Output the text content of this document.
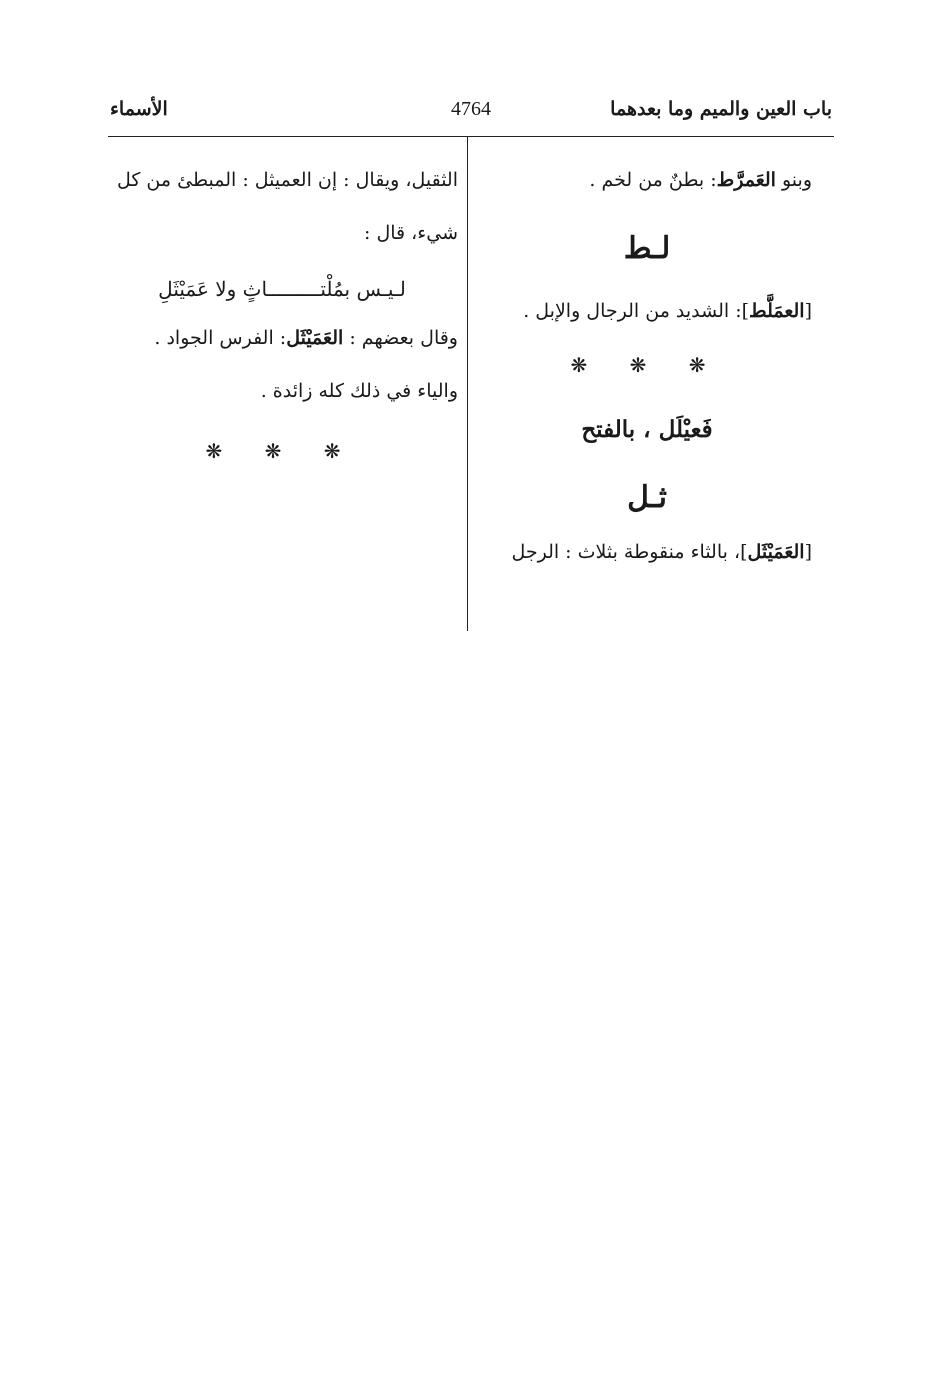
باب العين والميم وما بعدهما
4764
الأسماء
وبنو العَمرَّط: بطنٌ من لخم .
لـط
[العمَلَّط]: الشديد من الرجال والإبل .
❋ ❋ ❋
فَعيْلَل ، بالفتح
ثـل
[العَمَيْثَل]، بالثاء منقوطة بثلاث : الرجل
الثقيل، ويقال : إن العميثل : المبطئ من كل
شيء، قال :
لـيـس بمُلْتـــــــــاثٍ ولا عَمَيْثَلِ
وقال بعضهم : العَمَيْثَل: الفرس الجواد .
والياء في ذلك كله زائدة .
❋ ❋ ❋
